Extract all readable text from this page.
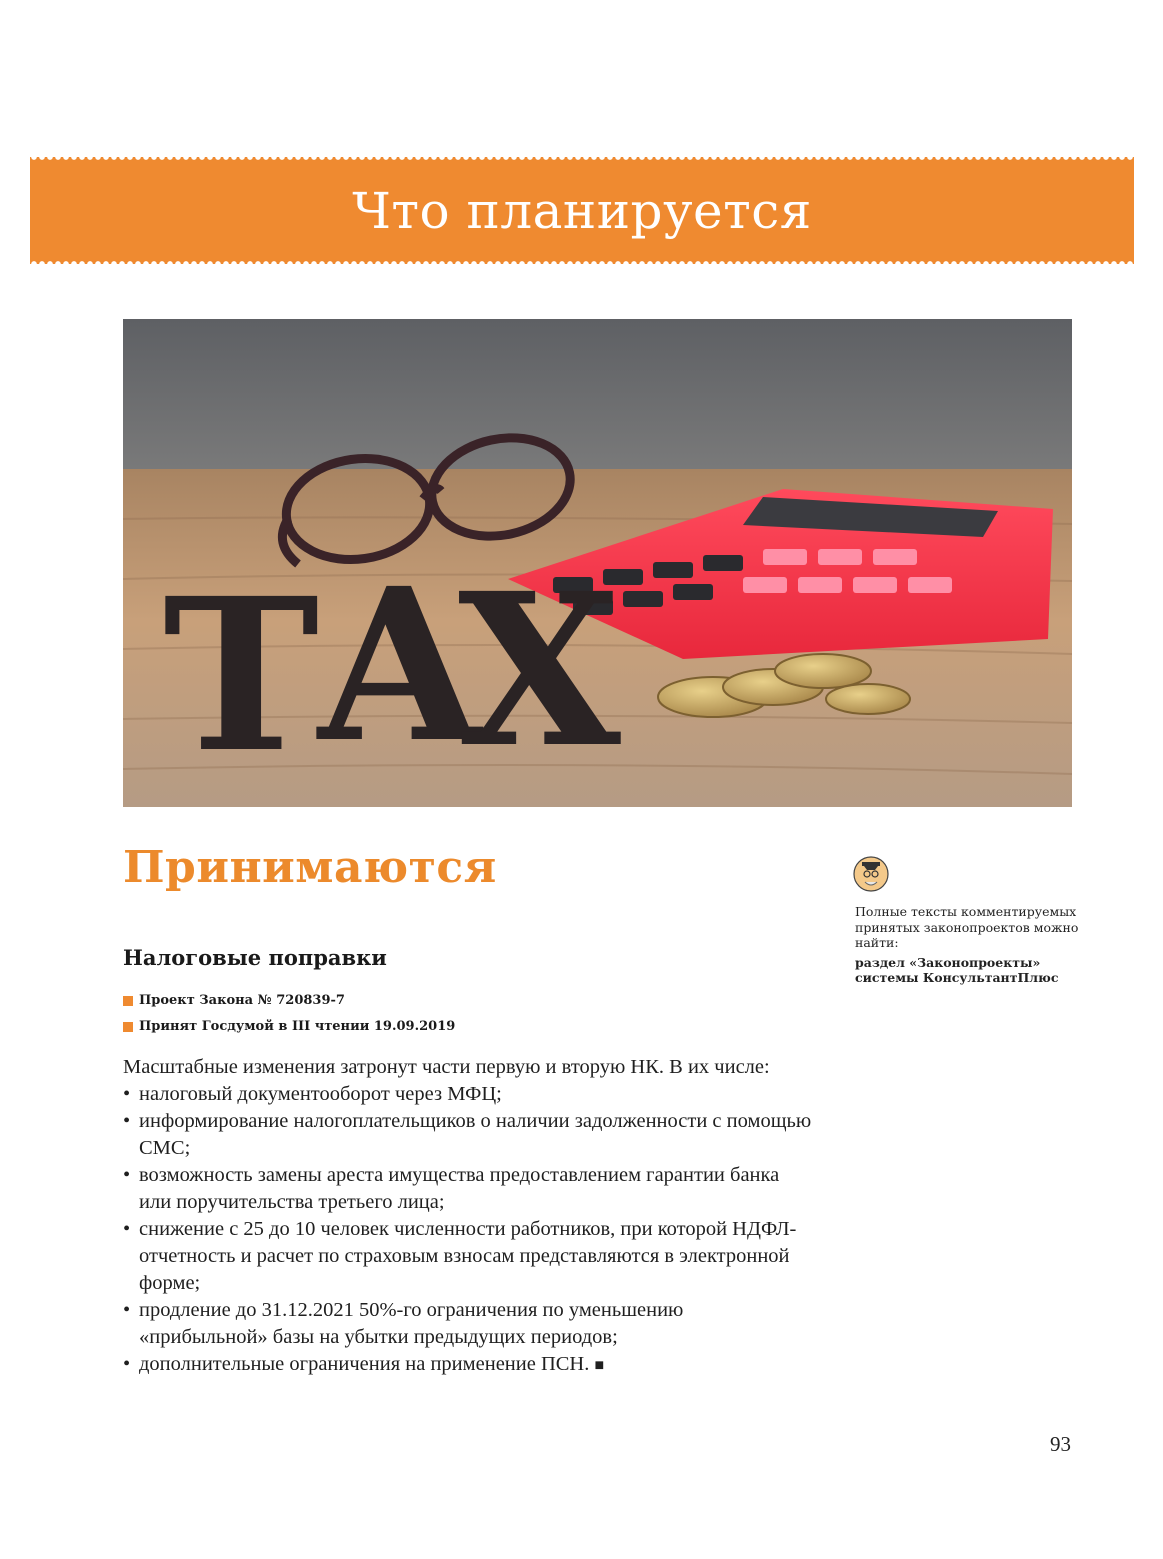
Что планируется
T
A
X
Принимаются
Налоговые поправки
Проект Закона № 720839-7
Принят Госдумой в III чтении 19.09.2019

Масштабные изменения затронут части первую и вторую НК. В их числе:

• налоговый документооборот через МФЦ;
• информирование налогоплательщиков о наличии задолженности с помощью СМС;
• возможность замены ареста имущества предоставлением гарантии банка или поручительства третьего лица;
• снижение с 25 до 10 человек численности работников, при которой НДФЛ-отчетность и расчет по страховым взносам представляются в электронной форме;
• продление до 31.12.2021 50%-го ограничения по уменьшению «прибыльной» базы на убытки предыдущих периодов;
• дополнительные ограничения на применение ПСН. ■

Полные тексты комментируемых принятых законопроектов можно найти:

раздел «Законопроекты» системы КонсультантПлюс

93
